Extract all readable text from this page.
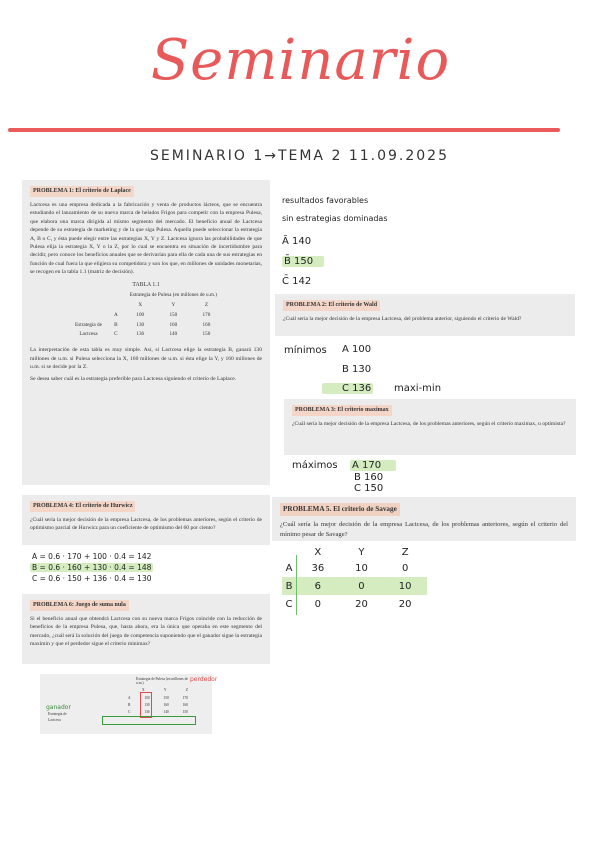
Seminario
SEMINARIO 1→TEMA 2 11.09.2025
PROBLEMA 1: El criterio de Laplace

Lactcesa es una empresa dedicada a la fabricación y venta de productos lácteos, que se encuentra estudiando el lanzamiento de su nueva marca de helados Frigos para competir con la empresa Pulesa, que elabora una marca dirigida al mismo segmento del mercado. El beneficio anual de Lactcesa depende de su estrategia de marketing y de la que siga Pulesa. Aquella puede seleccionar la estrategia A, B o C, y ésta puede elegir entre las estrategias X, Y y Z. Lactcesa ignora las probabilidades de que Pulesa elija la estrategia X, Y o la Z, por lo cual se encuentra en situación de incertidumbre para decidir, pero conoce los beneficios anuales que se derivarían para ella de cada una de sus estrategias en función de cual fuera la que eligiera su competidora y son los que, en millones de unidades monetarias, se recogen en la tabla 1.1 (matriz de decisión).

TABLA 1.1
		Estrategia de Pulesa (en millones de u.m.)		
		X	Y	Z
	A	100	150	170
Estrategia de	B	130	160	160
Lactcesa	C	136	140	150

La interpretación de esta tabla es muy simple. Así, si Lactcesa elige la estrategia B, ganará 130 millones de u.m. si Pulesa selecciona la X, 160 millones de u.m. si ésta elige la Y, y 160 millones de u.m. si se decide por la Z.

Se desea saber cuál es la estrategia preferible para Lactcesa siguiendo el criterio de Laplace.

resultados favorables
sin estrategias dominadas
Ā 140
B̄ 150
C̄ 142
PROBLEMA 2: El criterio de Wald

¿Cuál sería la mejor decisión de la empresa Lactcesa, del problema anterior, siguiendo el criterio de Wald?

mínimos A 100
B 130
C 136 maxi-min
PROBLEMA 3: El criterio maximax

¿Cuál sería la mejor decisión de la empresa Lactcesa, de los problemas anteriores, según el criterio maximax, u optimista?

máximos A 170
B 160
C 150
PROBLEMA 4: El criterio de Hurwicz

¿Cuál sería la mejor decisión de la empresa Lactcesa, de los problemas anteriores, según el criterio de optimismo parcial de Hurwicz para un coeficiente de optimismo del 60 por ciento?

A = 0.6 · 170 + 100 · 0.4 = 142
B = 0.6 · 160 + 130 · 0.4 = 148
C = 0.6 · 150 + 136 · 0.4 = 130
PROBLEMA 5. El criterio de Savage

¿Cuál sería la mejor decisión de la empresa Lactcesa, de los problemas anteriores, según el criterio del mínimo pesar de Savage?

	X	Y	Z
A	36	10	0
B	6	0	10
C	0	20	20
PROBLEMA 6: Juego de suma nula

Si el beneficio anual que obtendrá Lactcesa con su nueva marca Frigos coincide con la reducción de beneficios de la empresa Pulesa, que, hasta ahora, era la única que operaba en este segmento del mercado, ¿cuál será la solución del juego de competencia suponiendo que el ganador sigue la estrategia maximin y que el perdedor sigue el criterio minimax?

Estrategia de Pulesa (en millones de u.m.)
perdedor
ganador
Estrategia de
Lactcesa
X	Y	Z
A	100	150	170
B	130	160	160
C	136	140	150
